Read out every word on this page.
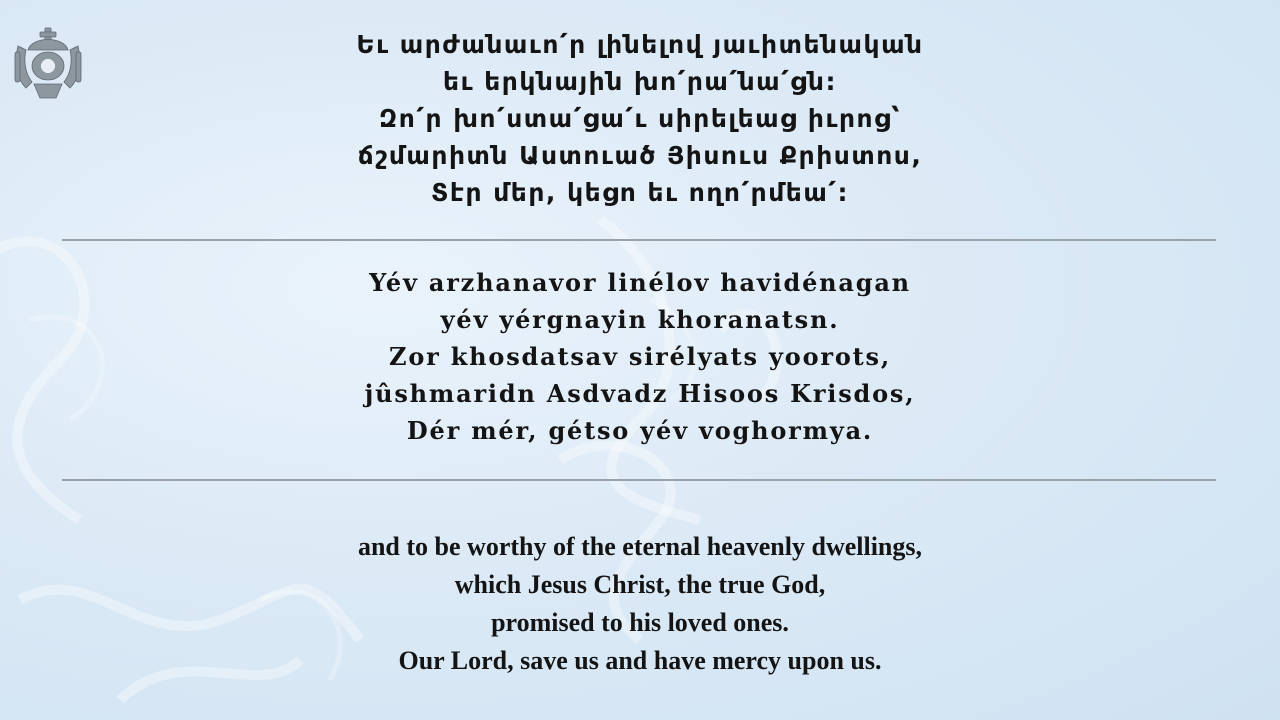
Եւ արժանաւո՛ր լինելով յաւիտենական
եւ երկնային խո՛րա՛նա՛ցն:
Զո՛ր խո՛ստա՛ցա՛ւ սիրելեաց իւրոց՝
ճշմարիտն Աստուած Յիսուս Քրիստոս,
Տէր մեր, կեցո եւ ողո՛րմեա՛:
Yév arzhanavor linélov havidénagan
yév yérgnayin khoranatsn.
Zor khosdatsav sirélyats yoorots,
jûshmaridn Asdvadz Hisoos Krisdos,
Dér mér, gétso yév voghormya.
and to be worthy of the eternal heavenly dwellings,
which Jesus Christ, the true God,
promised to his loved ones.
Our Lord, save us and have mercy upon us.
